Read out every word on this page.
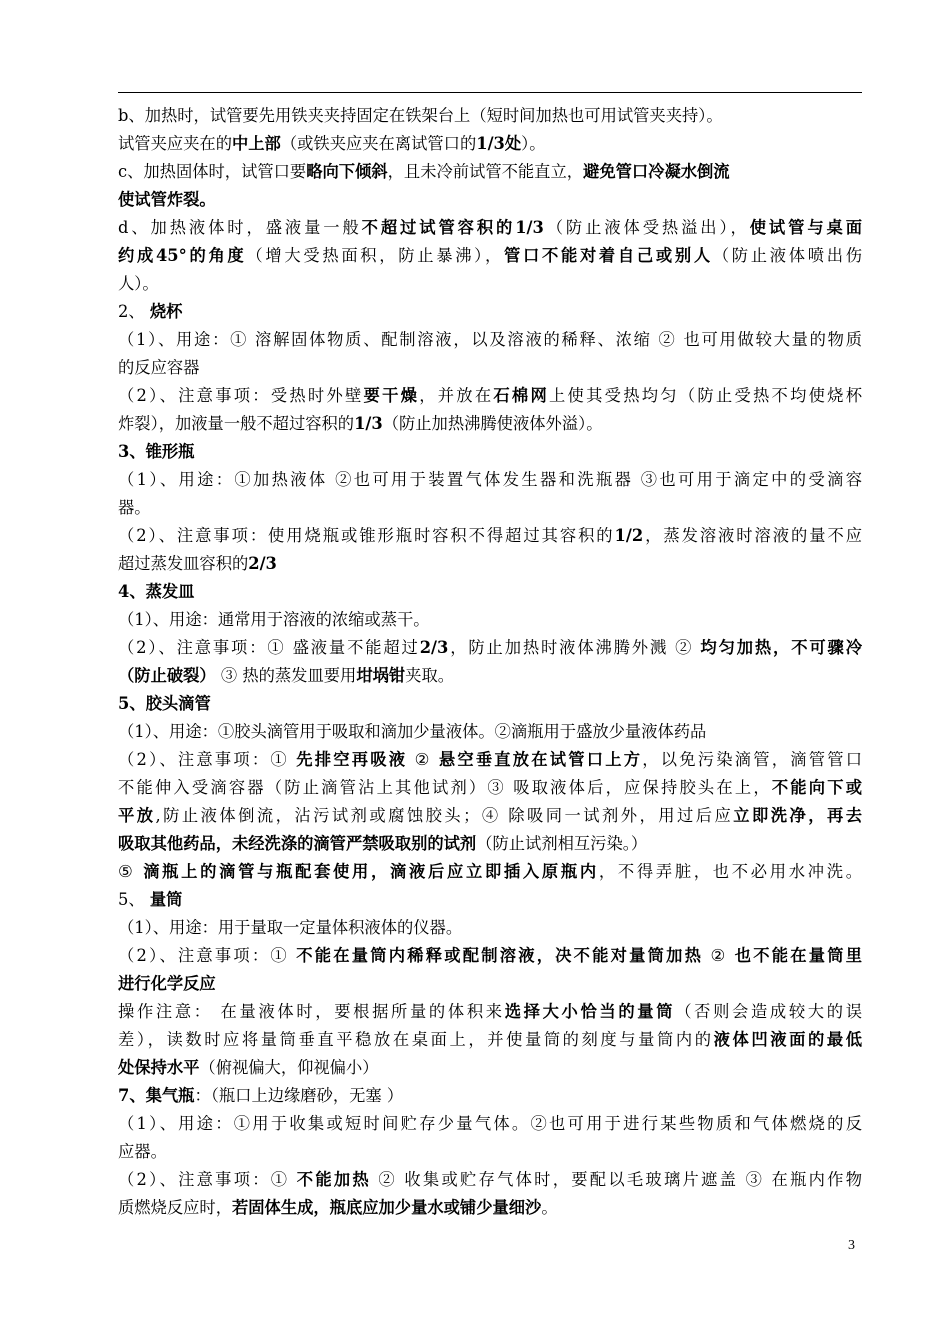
b、加热时，试管要先用铁夹夹持固定在铁架台上（短时间加热也可用试管夹夹持）。
试管夹应夹在的中上部（或铁夹应夹在离试管口的1/3处）。
c、加热固体时，试管口要略向下倾斜，且未冷前试管不能直立，避免管口冷凝水倒流
使试管炸裂。
d、加热液体时，盛液量一般不超过试管容积的1/3（防止液体受热溢出），使试管与桌面
约成45°的角度（增大受热面积，防止暴沸），管口不能对着自己或别人（防止液体喷出伤
人）。
2、 烧杯
（1）、用途：① 溶解固体物质、配制溶液，以及溶液的稀释、浓缩 ② 也可用做较大量的物质
的反应容器
（2）、注意事项：受热时外壁要干燥，并放在石棉网上使其受热均匀（防止受热不均使烧杯
炸裂），加液量一般不超过容积的1/3（防止加热沸腾使液体外溢）。
3、锥形瓶
（1）、用途：①加热液体 ②也可用于装置气体发生器和洗瓶器 ③也可用于滴定中的受滴容
器。
（2）、注意事项：使用烧瓶或锥形瓶时容积不得超过其容积的1/2，蒸发溶液时溶液的量不应
超过蒸发皿容积的2/3
4、蒸发皿
（1）、用途：通常用于溶液的浓缩或蒸干。
（2）、注意事项：① 盛液量不能超过2/3，防止加热时液体沸腾外溅 ② 均匀加热，不可骤冷
（防止破裂） ③ 热的蒸发皿要用坩埚钳夹取。
5、胶头滴管
（1）、用途：①胶头滴管用于吸取和滴加少量液体。②滴瓶用于盛放少量液体药品
（2）、注意事项：① 先排空再吸液 ② 悬空垂直放在试管口上方，以免污染滴管，滴管管口
不能伸入受滴容器（防止滴管沾上其他试剂）③ 吸取液体后，应保持胶头在上，不能向下或
平放,防止液体倒流，沾污试剂或腐蚀胶头；④ 除吸同一试剂外，用过后应立即洗净，再去
吸取其他药品，未经洗涤的滴管严禁吸取别的试剂（防止试剂相互污染。）
⑤ 滴瓶上的滴管与瓶配套使用，滴液后应立即插入原瓶内，不得弄脏，也不必用水冲洗。
5、 量筒
（1）、用途：用于量取一定量体积液体的仪器。
（2）、注意事项：① 不能在量筒内稀释或配制溶液，决不能对量筒加热 ② 也不能在量筒里
进行化学反应
操作注意： 在量液体时，要根据所量的体积来选择大小恰当的量筒（否则会造成较大的误
差），读数时应将量筒垂直平稳放在桌面上，并使量筒的刻度与量筒内的液体凹液面的最低
处保持水平（俯视偏大，仰视偏小）
7、集气瓶：（瓶口上边缘磨砂，无塞 ）
（1）、用途：①用于收集或短时间贮存少量气体。②也可用于进行某些物质和气体燃烧的反
应器。
（2）、注意事项：① 不能加热 ② 收集或贮存气体时，要配以毛玻璃片遮盖 ③ 在瓶内作物
质燃烧反应时，若固体生成，瓶底应加少量水或铺少量细沙。
3
